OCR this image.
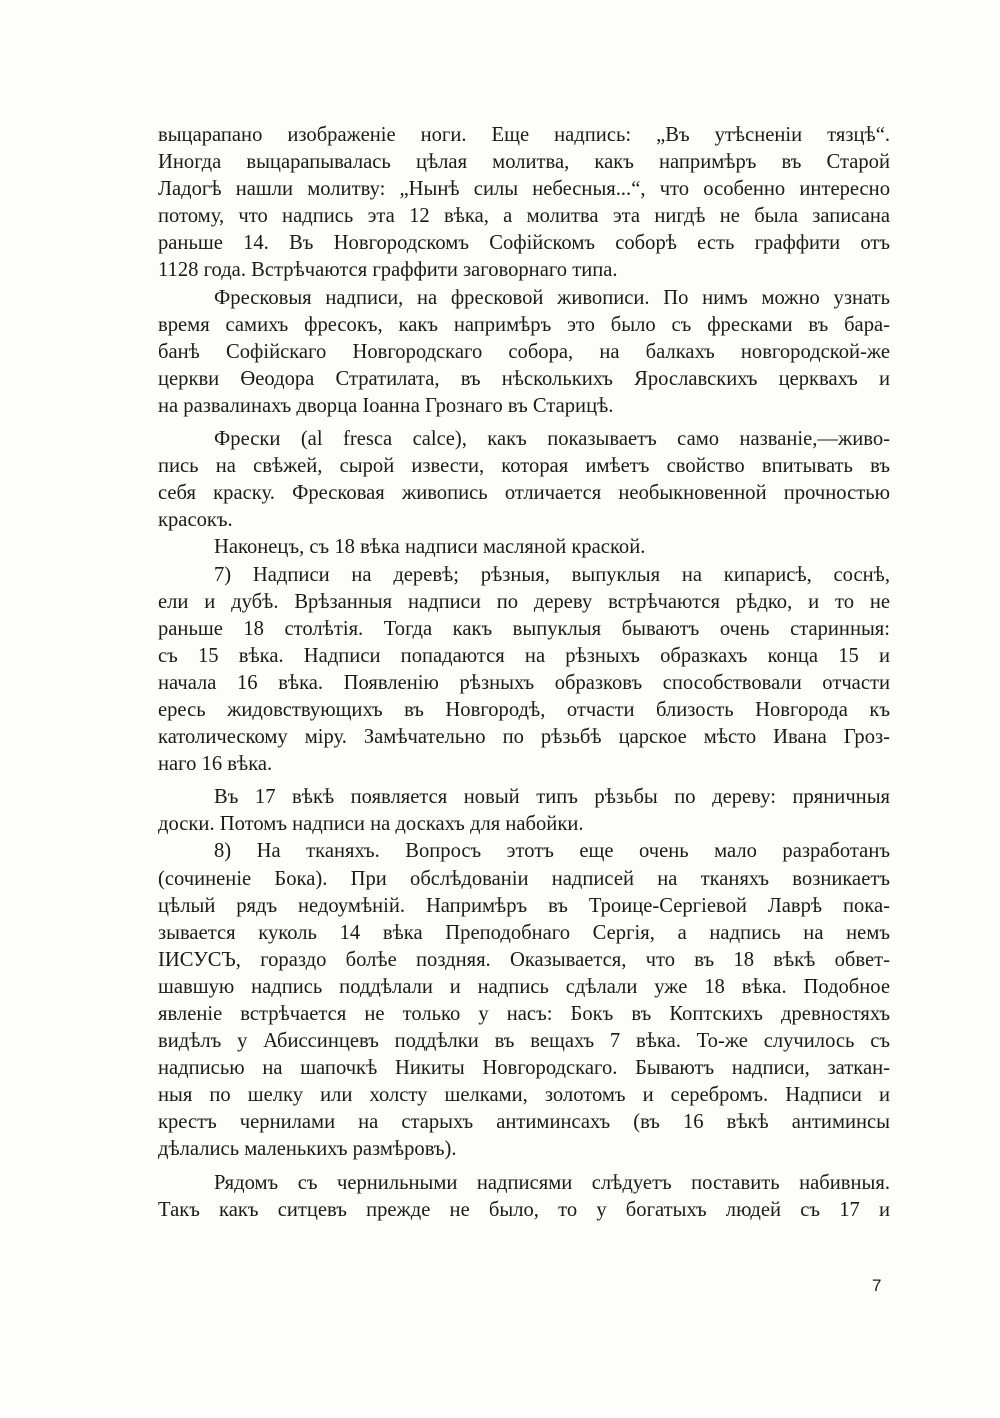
выцарапано изображенiе ноги. Еще надпись: „Въ утѣсненiи тязцѣ“.
Иногда выцарапывалась цѣлая молитва, какъ напримѣръ въ Старой
Ладогѣ нашли молитву: „Нынѣ силы небесныя...“, что особенно интересно
потому, что надпись эта 12 вѣка, а молитва эта нигдѣ не была записана
раньше 14. Въ Новгородскомъ Софiйскомъ соборѣ есть граффити отъ
1128 года. Встрѣчаются граффити заговорнаго типа.
Фресковыя надписи, на фресковой живописи. По нимъ можно узнать
время самихъ фресокъ, какъ напримѣръ это было съ фресками въ бара-
банѣ Софiйскаго Новгородскаго собора, на балкахъ новгородской-же
церкви Өеодора Стратилата, въ нѣсколькихъ Ярославскихъ церквахъ и
на развалинахъ дворца Iоанна Грознаго въ Старицѣ.
Фрески (al fresca calce), какъ показываетъ само названiе,—живо-
пись на свѣжей, сырой извести, которая имѣетъ свойство впитывать въ
себя краску. Фресковая живопись отличается необыкновенной прочностью
красокъ.
Наконецъ, съ 18 вѣка надписи масляной краской.
7) Надписи на деревѣ; рѣзныя, выпуклыя на кипарисѣ, соснѣ,
ели и дубѣ. Врѣзанныя надписи по дереву встрѣчаются рѣдко, и то не
раньше 18 столѣтiя. Тогда какъ выпуклыя бываютъ очень старинныя:
съ 15 вѣка. Надписи попадаются на рѣзныхъ образкахъ конца 15 и
начала 16 вѣка. Появленiю рѣзныхъ образковъ способствовали отчасти
ересь жидовствующихъ въ Новгородѣ, отчасти близость Новгорода къ
католическому мiру. Замѣчательно по рѣзьбѣ царское мѣсто Ивана Гроз-
наго 16 вѣка.
Въ 17 вѣкѣ появляется новый типъ рѣзьбы по дереву: пряничныя
доски. Потомъ надписи на доскахъ для набойки.
8) На тканяхъ. Вопросъ этотъ еще очень мало разработанъ
(сочиненiе Бока). При обслѣдованiи надписей на тканяхъ возникаетъ
цѣлый рядъ недоумѣнiй. Напримѣръ въ Троице-Сергiевой Лаврѣ пока-
зывается куколь 14 вѣка Преподобнаго Сергiя, а надпись на немъ
IИСУСЪ, гораздо болѣе поздняя. Оказывается, что въ 18 вѣкѣ обвет-
шавшую надпись поддѣлали и надпись сдѣлали уже 18 вѣка. Подобное
явленiе встрѣчается не только у насъ: Бокъ въ Коптскихъ древностяхъ
видѣлъ у Абиссинцевъ поддѣлки въ вещахъ 7 вѣка. То-же случилось съ
надписью на шапочкѣ Никиты Новгородскаго. Бываютъ надписи, заткан-
ныя по шелку или холсту шелками, золотомъ и серебромъ. Надписи и
крестъ чернилами на старыхъ антиминсахъ (въ 16 вѣкѣ антиминсы
дѣлались маленькихъ размѣровъ).
Рядомъ съ чернильными надписями слѣдуетъ поставить набивныя.
Такъ какъ ситцевъ прежде не было, то у богатыхъ людей съ 17 и
7
